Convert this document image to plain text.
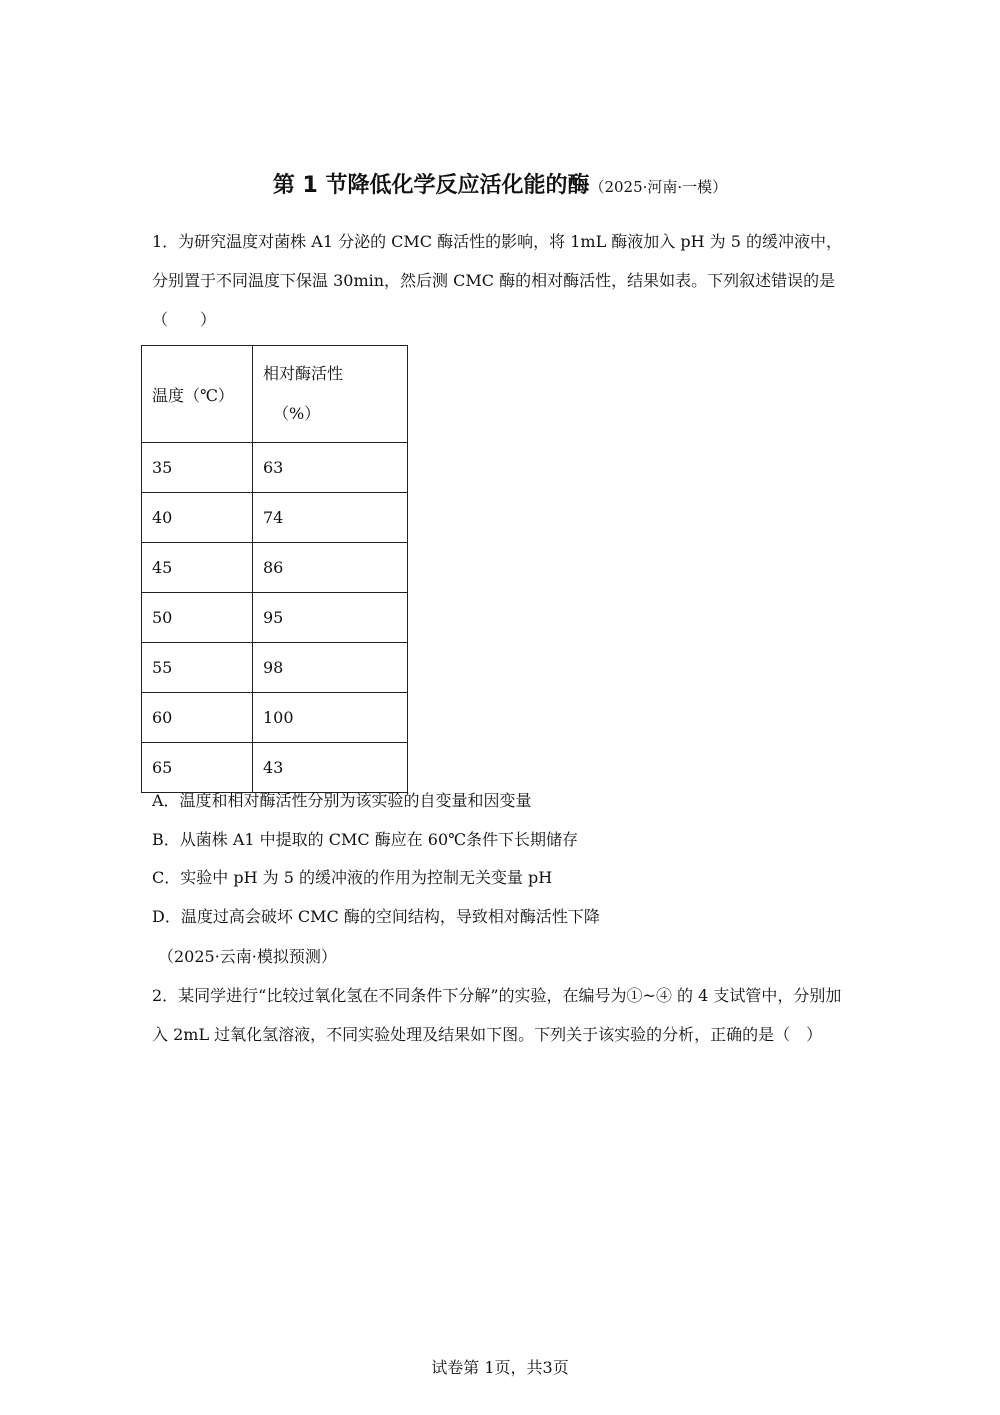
第 1 节降低化学反应活化能的酶（2025·河南·一模）
1．为研究温度对菌株 A1 分泌的 CMC 酶活性的影响，将 1mL 酶液加入 pH 为 5 的缓冲液中，分别置于不同温度下保温 30min，然后测 CMC 酶的相对酶活性，结果如表。下列叙述错误的是（　　）
温度（℃）	相对酶活性
（%）

35	63
40	74
45	86
50	95
55	98
60	100
65	43
A．温度和相对酶活性分别为该实验的自变量和因变量
B．从菌株 A1 中提取的 CMC 酶应在 60℃条件下长期储存
C．实验中 pH 为 5 的缓冲液的作用为控制无关变量 pH
D．温度过高会破坏 CMC 酶的空间结构，导致相对酶活性下降
（2025·云南·模拟预测）
2．某同学进行“比较过氧化氢在不同条件下分解”的实验，在编号为①~④ 的 4 支试管中，分别加入 2mL 过氧化氢溶液，不同实验处理及结果如下图。下列关于该实验的分析，正确的是（　）
试卷第 1页，共3页
